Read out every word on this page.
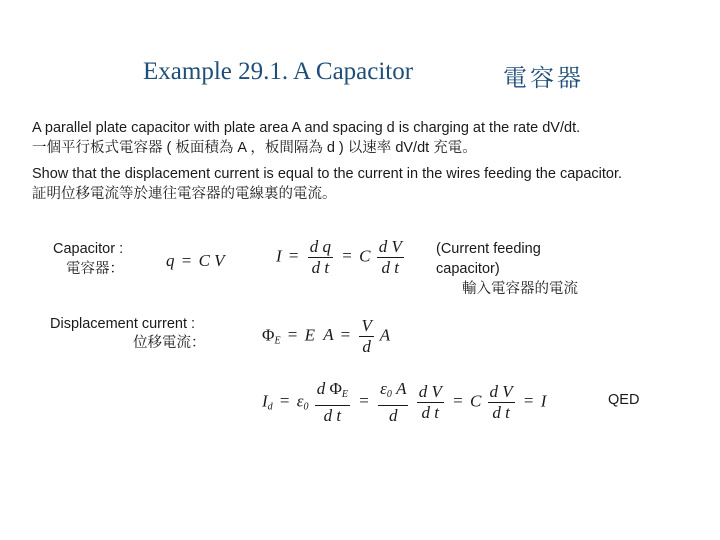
Example 29.1. A Capacitor	電容器
A parallel plate capacitor with plate area A and spacing d is charging at the rate dV/dt.
一個平行板式電容器 ( 板面積為 A ，板間隔為 d ) 以速率 dV/dt 充電。
Show that the displacement current is equal to the current in the wires feeding the capacitor.
証明位移電流等於連往電容器的電線裏的電流。
Capacitor :
電容器： q = C V	$I = \frac{\text{d q}}{\text{d t}} = C \frac{\text{d V}}{\text{d t}}$ (Current feeding
capacitor)
輸入電容器的電流
Displacement current :
位移電流：	$\Phi_E = E$ $A = \frac{V}{d}$ A
$I_d = \varepsilon_0 \frac{d \Phi_E}{\text{d t}} = \frac{\varepsilon_0 A}{d}$
$\frac{\text{d V}}{\text{d t}} = C \frac{\text{d V}}{\text{d t}} = I$	QED
